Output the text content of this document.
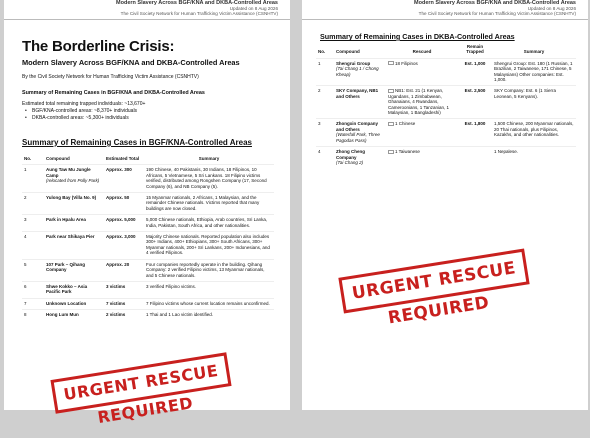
Modern Slavery Across BGF/KNA and DKBA-Controlled Areas
Updated on 8 Aug 2026
The Civil Society Network for Human Trafficking Victim Assistance (CSNHTV)
The Borderline Crisis:
Modern Slavery Across BGF/KNA and DKBA-Controlled Areas
By the Civil Society Network for Human Trafficking Victim Assistance (CSNHTV)
Summary of Remaining Cases in BGF/KNA and DKBA-Controlled Areas
Estimated total remaining trapped individuals: ~13,670+
• BGF/KNA-controlled areas: ~8,370+ individuals
• DKBA-controlled areas: ~5,300+ individuals
Summary of Remaining Cases in BGF/KNA-Controlled Areas
No.	Compound	Estimated Total	Summary
1	Aung Taw Mu Jungle Camp
(relocated from Polly Park)	Approx. 300	190 Chinese, 40 Pakistanis, 30 Indians, 18 Filipinos, 10 Africans, 5 Vietnamese, 5 Sri Lankans. 18 Filipino victims verified, distributed among Rongshen Company (17, Second Company (6), and NB Company (5).
2	Yulong Bay (Villa No. 9)	Approx. 50	15 Myanmar nationals, 2 Africans, 1 Malaysian, and the remainder Chinese nationals. Victims reported that many buildings are now closed.
3	Park in Hpalu Area	Approx. 5,000	5,000 Chinese nationals, Ethiopia, Arab countries, Sri Lanka, India, Pakistan, South Africa, and other nationalities.
4	Park near Shikaya Pier	Approx. 3,000	Majority Chinese nationals. Reported population also includes 300+ Indians, 400+ Ethiopians, 300+ South Africans, 300+ Myanmar nationals, 200+ Sri Lankans, 200+ Indonesians, and 4 verified Filipinos.
5	107 Park – Qihang Company	Approx. 20	Four companies reportedly operate in the building. Qihang Company: 2 verified Filipino victims, 13 Myanmar nationals, and 5 Chinese nationals.
6	Shwe Kokko – Asia Pacific Park	3 victims	3 verified Filipino victims.
7	Unknown Location	7 victims	7 Filipino victims whose current location remains unconfirmed.
8	Hong Lum Mun	2 victims	1 Thai and 1 Lao victim identified.
URGENT RESCUE REQUIRED
Modern Slavery Across BGF/KNA and DKBA-Controlled Areas
Updated on 8 Aug 2026
The Civil Society Network for Human Trafficking Victim Assistance (CSNHTV)
Summary of Remaining Cases in DKBA-Controlled Areas
No.	Compound	Rescued	Remain Trapped	Summary
1	Shengrui Group
(Tai Chang 1 / Chong Kheap)	18 Filipinos	Est. 1,000	Shengrui Group: Est. 180 (1 Russian, 1 Brazilian, 2 Taiwanese, 171 Chinese, 5 Malaysians) Other companies: Est. 1,000.
2	SKY Company, NB1 and Others	NB1: Est. 21 (1 Kenyan, Ugandans, 1 Zimbabwean, Ghanaians, 4 Rwandans, Cameroonians, 1 Tanzanian, 1 Malaysian, 1 Bangladeshi)	Est. 2,500	SKY Company: Est. 6 (1 Sierra Leonean, 5 Kenyans).
3	Zhongxin Company and Others
(Waterfall Park, Three Pagodas Pass)	1 Chinese	Est. 1,800	1,500 Chinese, 200 Myanmar nationals, 20 Thai nationals, plus Filipinos, Kazakhs, and other nationalities.
4	Zhong Cheng Company
(Tai Chang 2)	1 Taiwanese		1 Nepalese.
URGENT RESCUE REQUIRED
